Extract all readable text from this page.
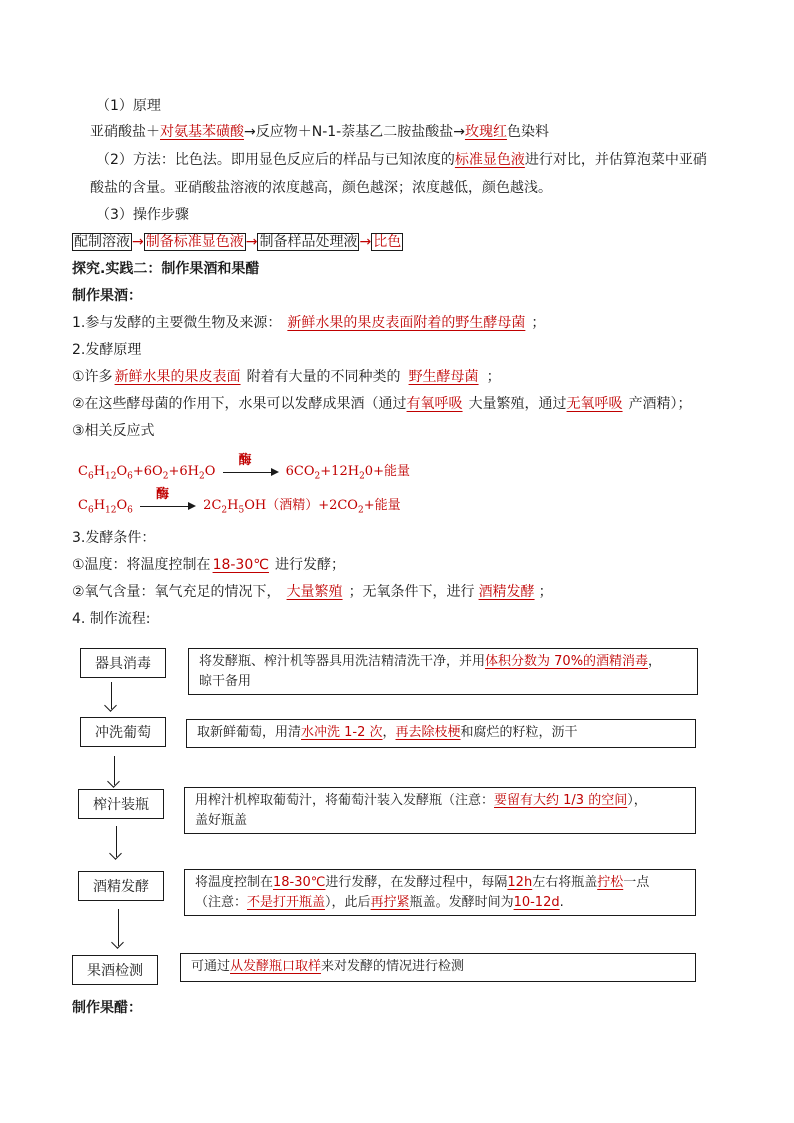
（1）原理
亚硝酸盐＋对氨基苯磺酸→反应物＋N-1-萘基乙二胺盐酸盐→玫瑰红色染料
（2）方法：比色法。即用显色反应后的样品与已知浓度的标准显色液进行对比，并估算泡菜中亚硝
酸盐的含量。亚硝酸盐溶液的浓度越高，颜色越深；浓度越低，颜色越浅。
（3）操作步骤
配制溶液 → 制备标准显色液 → 制备样品处理液 → 比色
探究.实践二：制作果酒和果醋
制作果酒：
1.参与发酵的主要微生物及来源： 新鲜水果的果皮表面附着的野生酵母菌 ；
2.发酵原理
①许多 新鲜水果的果皮表面 附着有大量的不同种类的 野生酵母菌 ；
②在这些酵母菌的作用下，水果可以发酵成果酒（通过有氧呼吸 大量繁殖，通过无氧呼吸 产酒精）；
③相关反应式
$C_6H_{12}O_6+6O_2+6H_2O$
酶
$6CO_2+12H_20+$能量
$C_6H_{12}O_6$
酶
$2C_2H_5OH$（酒精）$+2CO_2+$能量
3.发酵条件：
①温度：将温度控制在 18-30℃ 进行发酵；
②氧气含量：氧气充足的情况下， 大量繁殖 ；无氧条件下，进行 酒精发酵 ；
4. 制作流程:
器具消毒	将发酵瓶、榨汁机等器具用洗洁精清洗干净，并用体积分数为 70%的酒精消毒，
晾干备用
冲洗葡萄	取新鲜葡萄，用清水冲洗 1-2 次，再去除枝梗和腐烂的籽粒，沥干
榨汁装瓶	用榨汁机榨取葡萄汁，将葡萄汁装入发酵瓶（注意：要留有大约 1/3 的空间），
盖好瓶盖
酒精发酵	将温度控制在18-30℃进行发酵，在发酵过程中，每隔12h左右将瓶盖拧松一点
（注意：不是打开瓶盖），此后再拧紧瓶盖。发酵时间为10-12d.
果酒检测	可通过从发酵瓶口取样来对发酵的情况进行检测
制作果醋：
